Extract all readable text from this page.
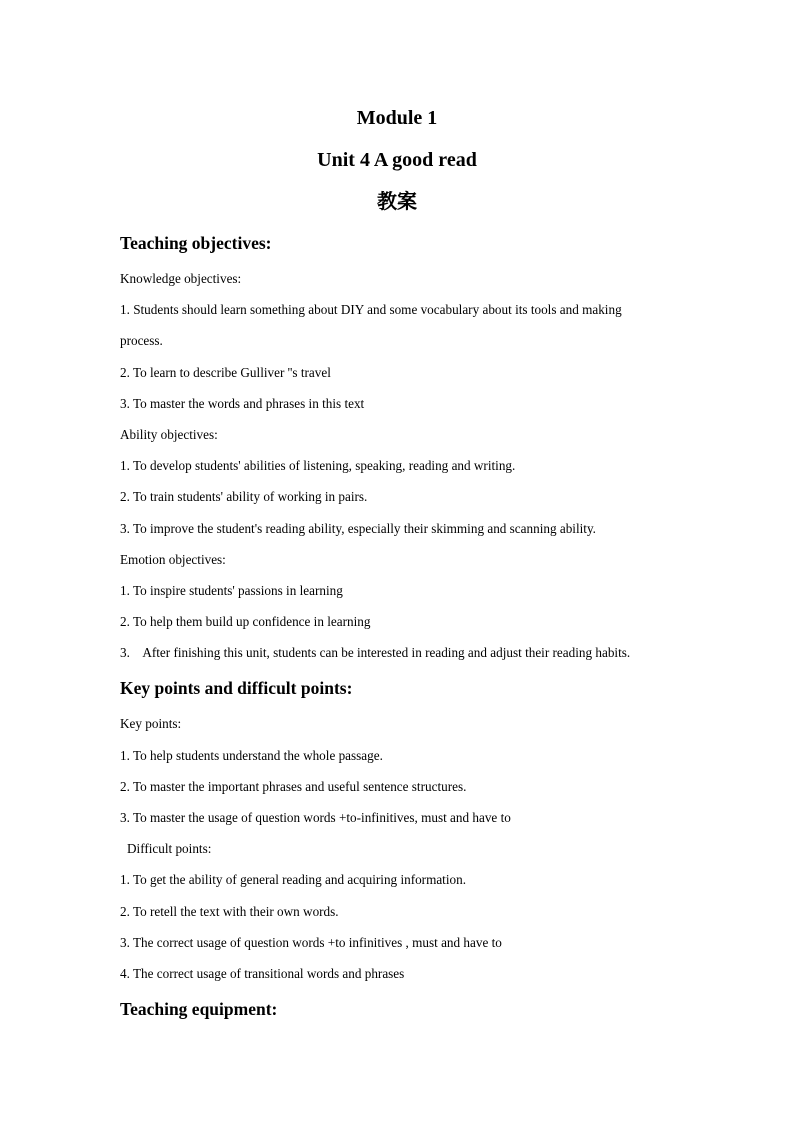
Module 1
Unit 4 A good read
教案
Teaching objectives:
Knowledge objectives:
1. Students should learn something about DIY and some vocabulary about its tools and making
process.
2. To learn to describe Gulliver ''s travel
3. To master the words and phrases in this text
Ability objectives:
1. To develop students' abilities of listening, speaking, reading and writing.
2. To train students' ability of working in pairs.
3. To improve the student's reading ability, especially their skimming and scanning ability.
Emotion objectives:
1. To inspire students' passions in learning
2. To help them build up confidence in learning
3.    After finishing this unit, students can be interested in reading and adjust their reading habits.
Key points and difficult points:
Key points:
1. To help students understand the whole passage.
2. To master the important phrases and useful sentence structures.
3. To master the usage of question words +to-infinitives, must and have to
Difficult points:
1. To get the ability of general reading and acquiring information.
2. To retell the text with their own words.
3. The correct usage of question words +to infinitives , must and have to
4. The correct usage of transitional words and phrases
Teaching equipment:
